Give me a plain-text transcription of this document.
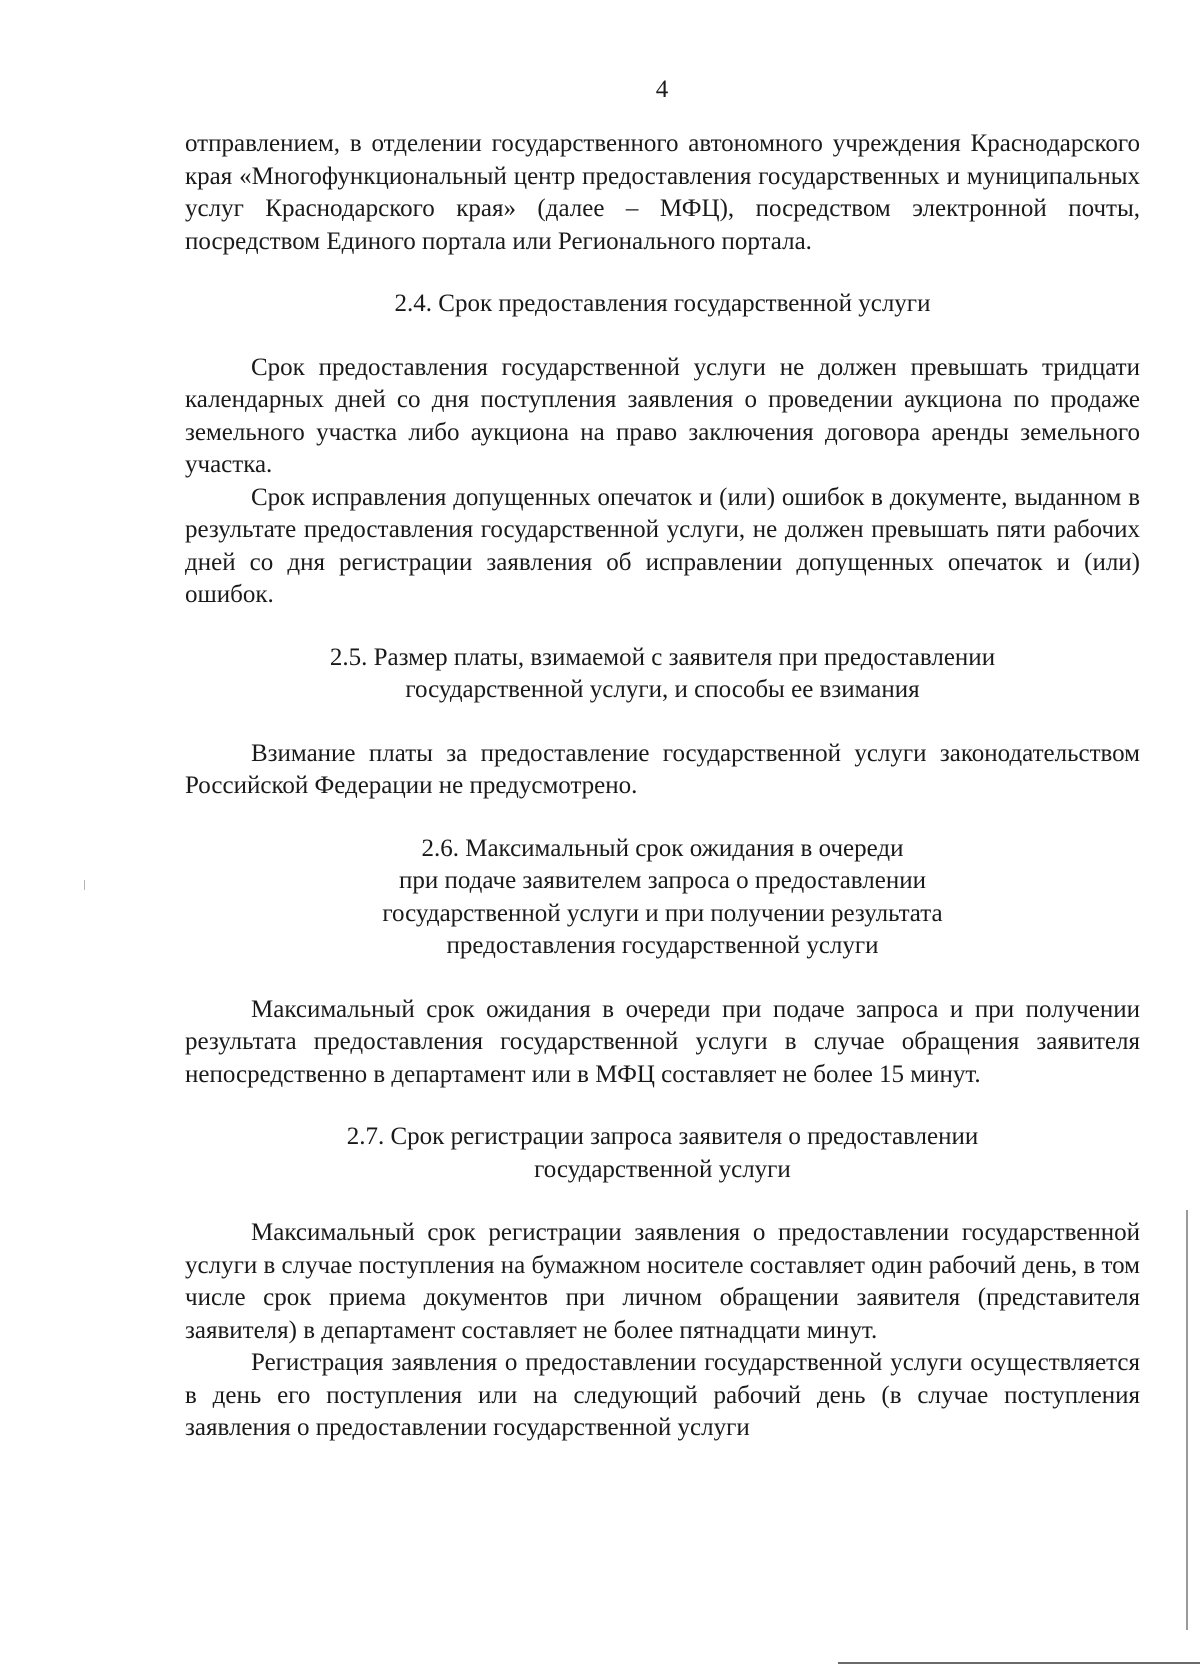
4

отправлением, в отделении государственного автономного учреждения Краснодарского края «Многофункциональный центр предоставления государственных и муниципальных услуг Краснодарского края» (далее – МФЦ), посредством электронной почты, посредством Единого портала или Регионального портала.

2.4. Срок предоставления государственной услуги

Срок предоставления государственной услуги не должен превышать тридцати календарных дней со дня поступления заявления о проведении аукциона по продаже земельного участка либо аукциона на право заключения договора аренды земельного участка.

Срок исправления допущенных опечаток и (или) ошибок в документе, выданном в результате предоставления государственной услуги, не должен превышать пяти рабочих дней со дня регистрации заявления об исправлении допущенных опечаток и (или) ошибок.

2.5. Размер платы, взимаемой с заявителя при предоставлении
государственной услуги, и способы ее взимания

Взимание платы за предоставление государственной услуги законодательством Российской Федерации не предусмотрено.

2.6. Максимальный срок ожидания в очереди
при подаче заявителем запроса о предоставлении
государственной услуги и при получении результата
предоставления государственной услуги

Максимальный срок ожидания в очереди при подаче запроса и при получении результата предоставления государственной услуги в случае обращения заявителя непосредственно в департамент или в МФЦ составляет не более 15 минут.

2.7. Срок регистрации запроса заявителя о предоставлении
государственной услуги

Максимальный срок регистрации заявления о предоставлении государственной услуги в случае поступления на бумажном носителе составляет один рабочий день, в том числе срок приема документов при личном обращении заявителя (представителя заявителя) в департамент составляет не более пятнадцати минут.

Регистрация заявления о предоставлении государственной услуги осуществляется в день его поступления или на следующий рабочий день (в случае поступления заявления о предоставлении государственной услуги
